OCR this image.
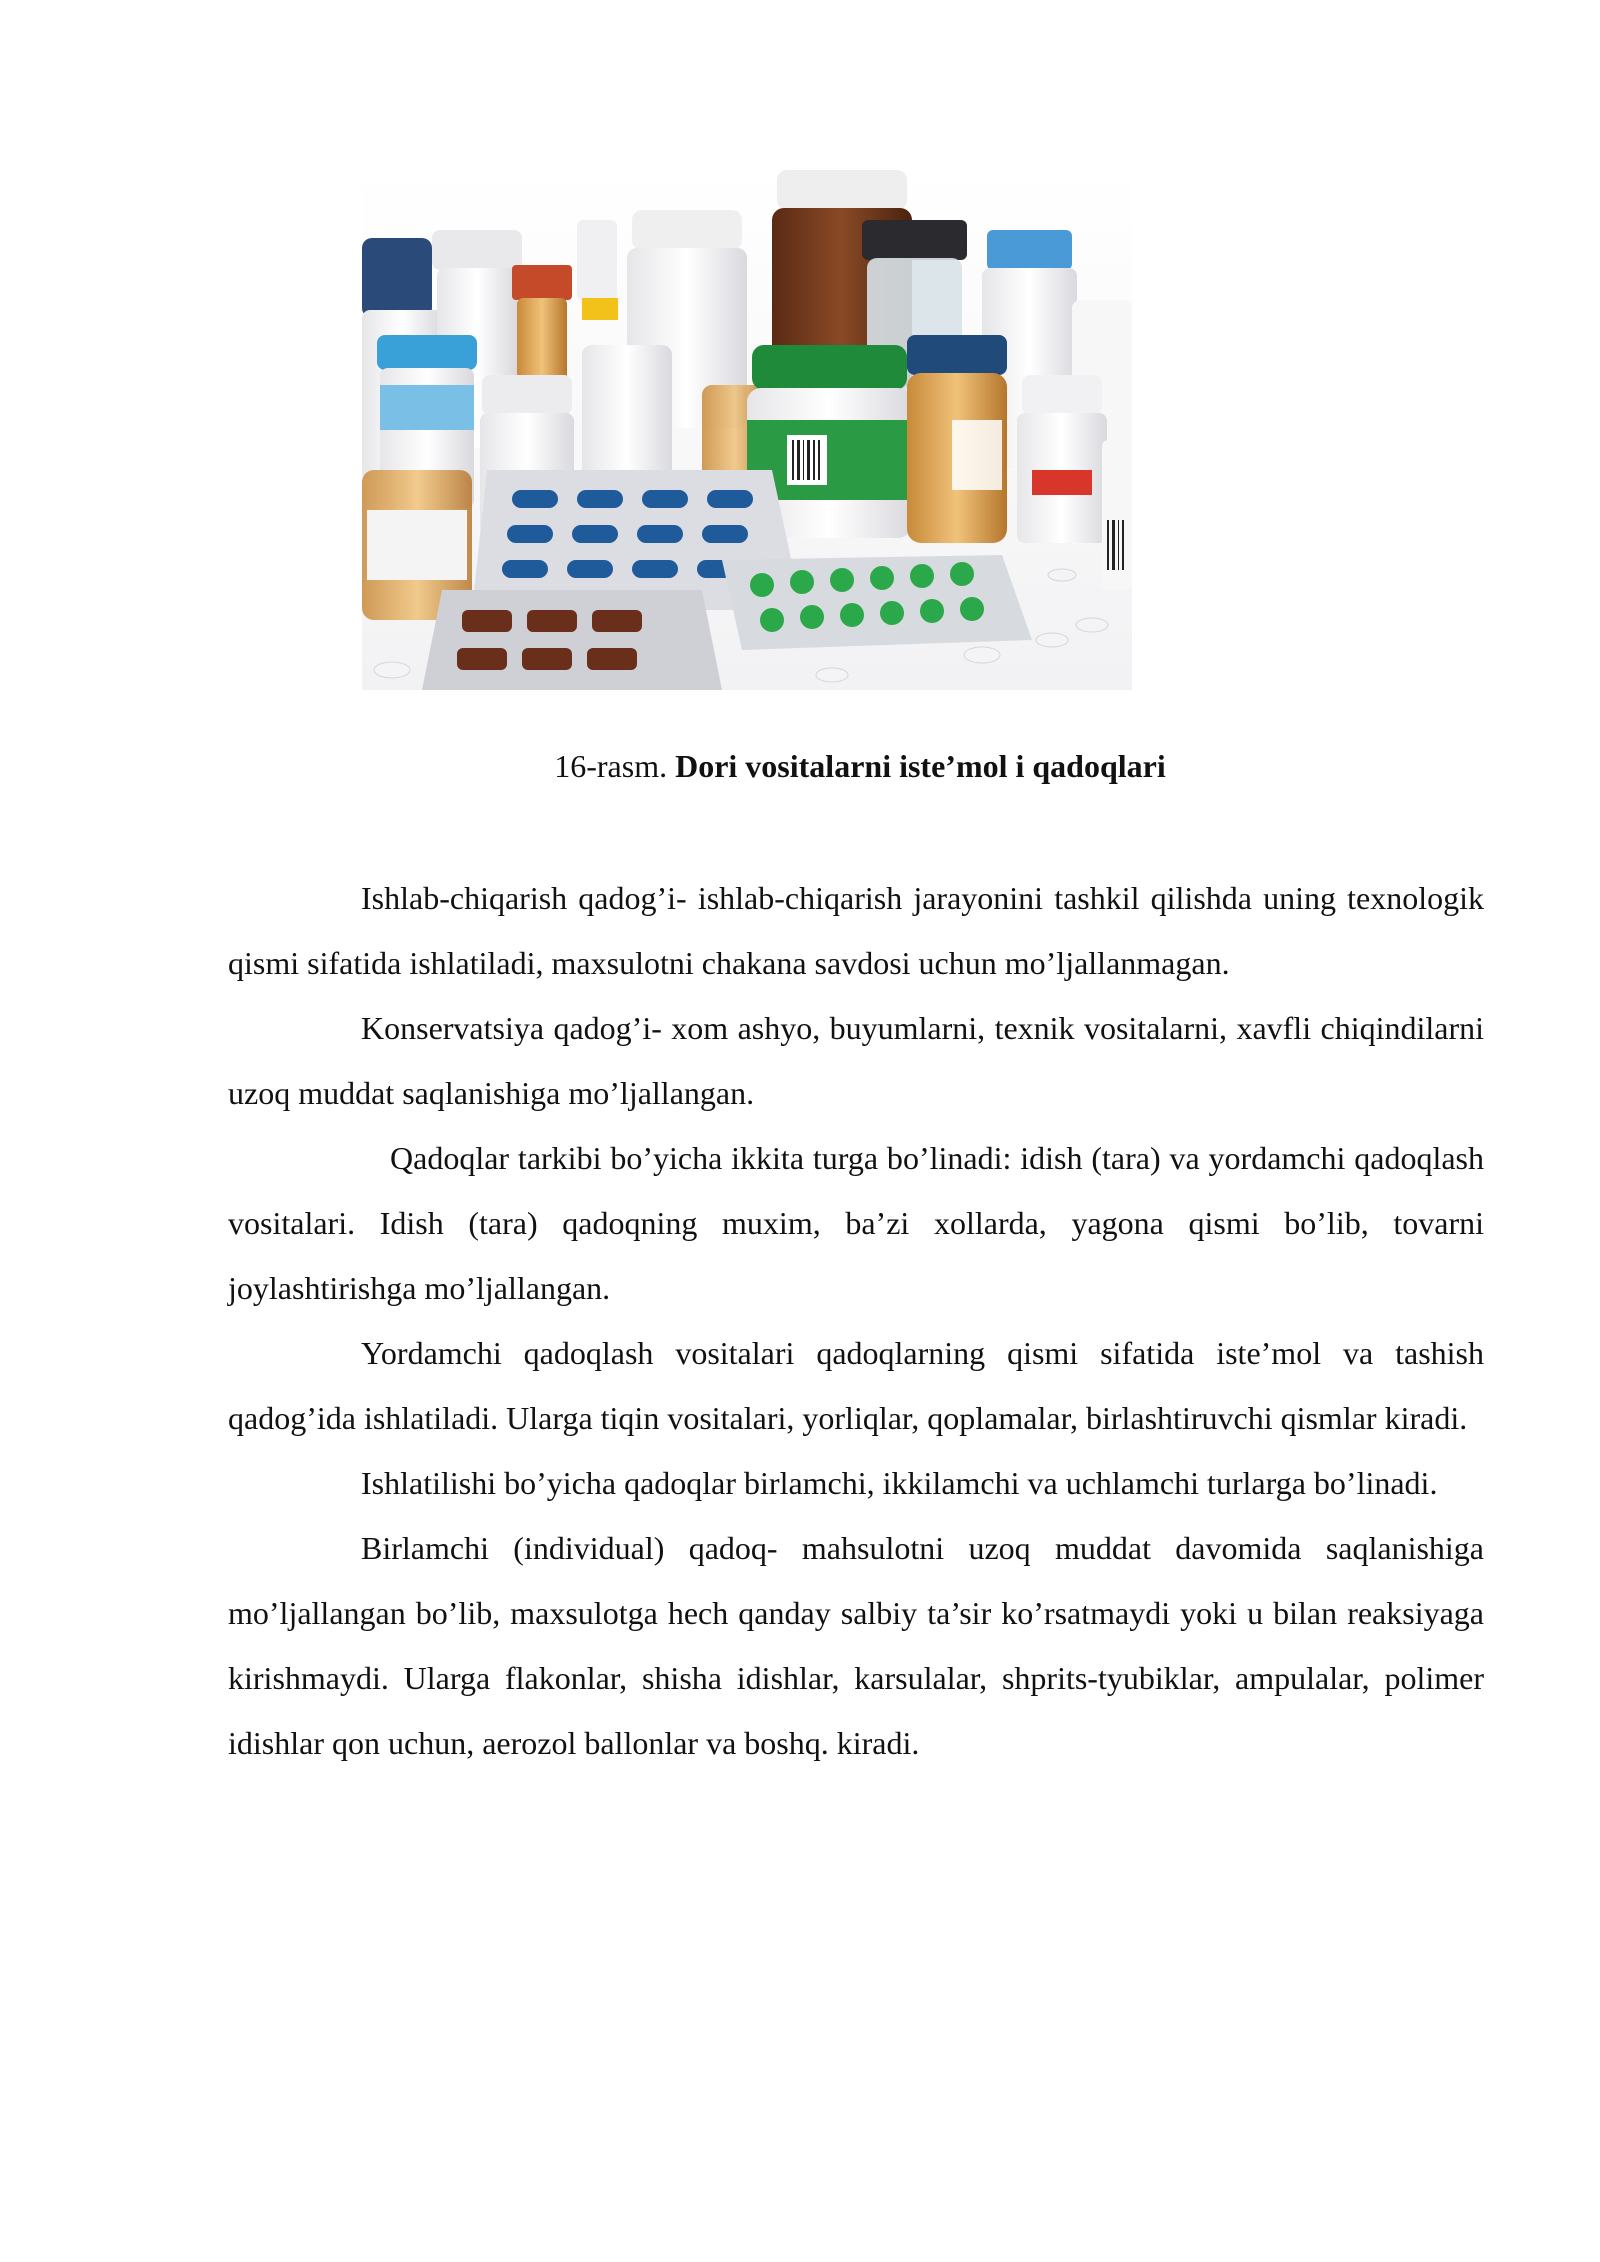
16-rasm. Dori vositalarni iste’mol i qadoqlari

Ishlab-chiqarish qadog’i- ishlab-chiqarish jarayonini tashkil qilishda uning texnologik qismi sifatida ishlatiladi, maxsulotni chakana savdosi uchun mo’ljallanmagan.

Konservatsiya qadog’i- xom ashyo, buyumlarni, texnik vositalarni, xavfli chiqindilarni uzoq muddat saqlanishiga mo’ljallangan.

Qadoqlar tarkibi bo’yicha ikkita turga bo’linadi: idish (tara) va yordamchi qadoqlash vositalari. Idish (tara) qadoqning muxim, ba’zi xollarda, yagona qismi bo’lib, tovarni joylashtirishga mo’ljallangan.

Yordamchi qadoqlash vositalari qadoqlarning qismi sifatida iste’mol va tashish qadog’ida ishlatiladi. Ularga tiqin vositalari, yorliqlar, qoplamalar, birlashtiruvchi qismlar kiradi.

Ishlatilishi bo’yicha qadoqlar birlamchi, ikkilamchi va uchlamchi turlarga bo’linadi.

Birlamchi (individual) qadoq- mahsulotni uzoq muddat davomida saqlanishiga mo’ljallangan bo’lib, maxsulotga hech qanday salbiy ta’sir ko’rsatmaydi yoki u bilan reaksiyaga kirishmaydi. Ularga flakonlar, shisha idishlar, karsulalar, shprits-tyubiklar, ampulalar, polimer idishlar qon uchun, aerozol ballonlar va boshq. kiradi.
